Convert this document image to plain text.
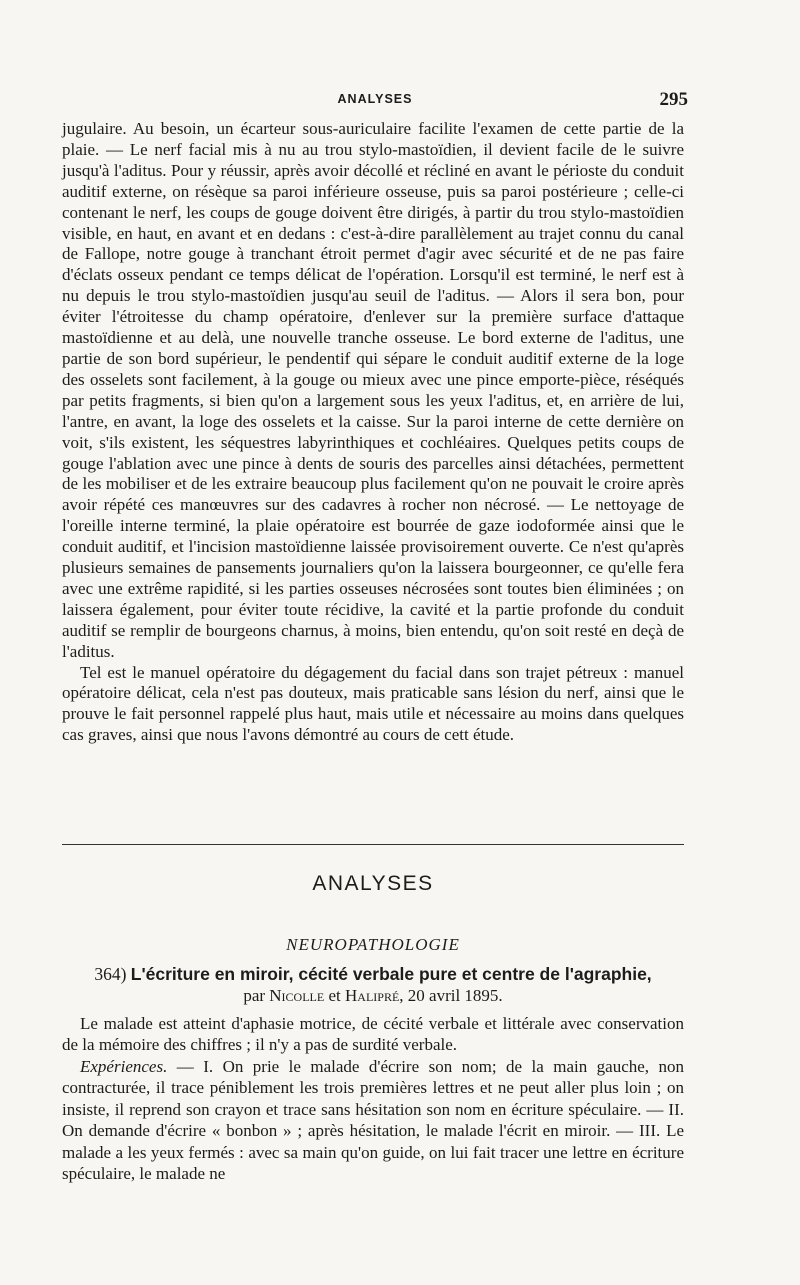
ANALYSES	295

jugulaire. Au besoin, un écarteur sous-auriculaire facilite l'examen de cette partie de la plaie. — Le nerf facial mis à nu au trou stylo-mastoïdien, il devient facile de le suivre jusqu'à l'aditus. Pour y réussir, après avoir décollé et récliné en avant le périoste du conduit auditif externe, on résèque sa paroi inférieure osseuse, puis sa paroi postérieure ; celle-ci contenant le nerf, les coups de gouge doivent être dirigés, à partir du trou stylo-mastoïdien visible, en haut, en avant et en dedans : c'est-à-dire parallèlement au trajet connu du canal de Fallope, notre gouge à tranchant étroit permet d'agir avec sécurité et de ne pas faire d'éclats osseux pendant ce temps délicat de l'opération. Lorsqu'il est terminé, le nerf est à nu depuis le trou stylo-mastoïdien jusqu'au seuil de l'aditus. — Alors il sera bon, pour éviter l'étroitesse du champ opératoire, d'enlever sur la première surface d'attaque mastoïdienne et au delà, une nouvelle tranche osseuse. Le bord externe de l'aditus, une partie de son bord supérieur, le pendentif qui sépare le conduit auditif externe de la loge des osselets sont facilement, à la gouge ou mieux avec une pince emporte-pièce, réséqués par petits fragments, si bien qu'on a largement sous les yeux l'aditus, et, en arrière de lui, l'antre, en avant, la loge des osselets et la caisse. Sur la paroi interne de cette dernière on voit, s'ils existent, les séquestres labyrinthiques et cochléaires. Quelques petits coups de gouge l'ablation avec une pince à dents de souris des parcelles ainsi détachées, permettent de les mobiliser et de les extraire beaucoup plus facilement qu'on ne pouvait le croire après avoir répété ces manœuvres sur des cadavres à rocher non nécrosé. — Le nettoyage de l'oreille interne terminé, la plaie opératoire est bourrée de gaze iodoformée ainsi que le conduit auditif, et l'incision mastoïdienne laissée provisoirement ouverte. Ce n'est qu'après plusieurs semaines de pansements journaliers qu'on la laissera bourgeonner, ce qu'elle fera avec une extrême rapidité, si les parties osseuses nécrosées sont toutes bien éliminées ; on laissera également, pour éviter toute récidive, la cavité et la partie profonde du conduit auditif se remplir de bourgeons charnus, à moins, bien entendu, qu'on soit resté en deçà de l'aditus.

Tel est le manuel opératoire du dégagement du facial dans son trajet pétreux : manuel opératoire délicat, cela n'est pas douteux, mais praticable sans lésion du nerf, ainsi que le prouve le fait personnel rappelé plus haut, mais utile et nécessaire au moins dans quelques cas graves, ainsi que nous l'avons démontré au cours de cett étude.

ANALYSES
NEUROPATHOLOGIE
364) L'écriture en miroir, cécité verbale pure et centre de l'agraphie,
par Nicolle et Halipré, 20 avril 1895.

Le malade est atteint d'aphasie motrice, de cécité verbale et littérale avec conservation de la mémoire des chiffres ; il n'y a pas de surdité verbale.

Expériences. — I. On prie le malade d'écrire son nom; de la main gauche, non contracturée, il trace péniblement les trois premières lettres et ne peut aller plus loin ; on insiste, il reprend son crayon et trace sans hésitation son nom en écriture spéculaire. — II. On demande d'écrire « bonbon » ; après hésitation, le malade l'écrit en miroir. — III. Le malade a les yeux fermés : avec sa main qu'on guide, on lui fait tracer une lettre en écriture spéculaire, le malade ne
